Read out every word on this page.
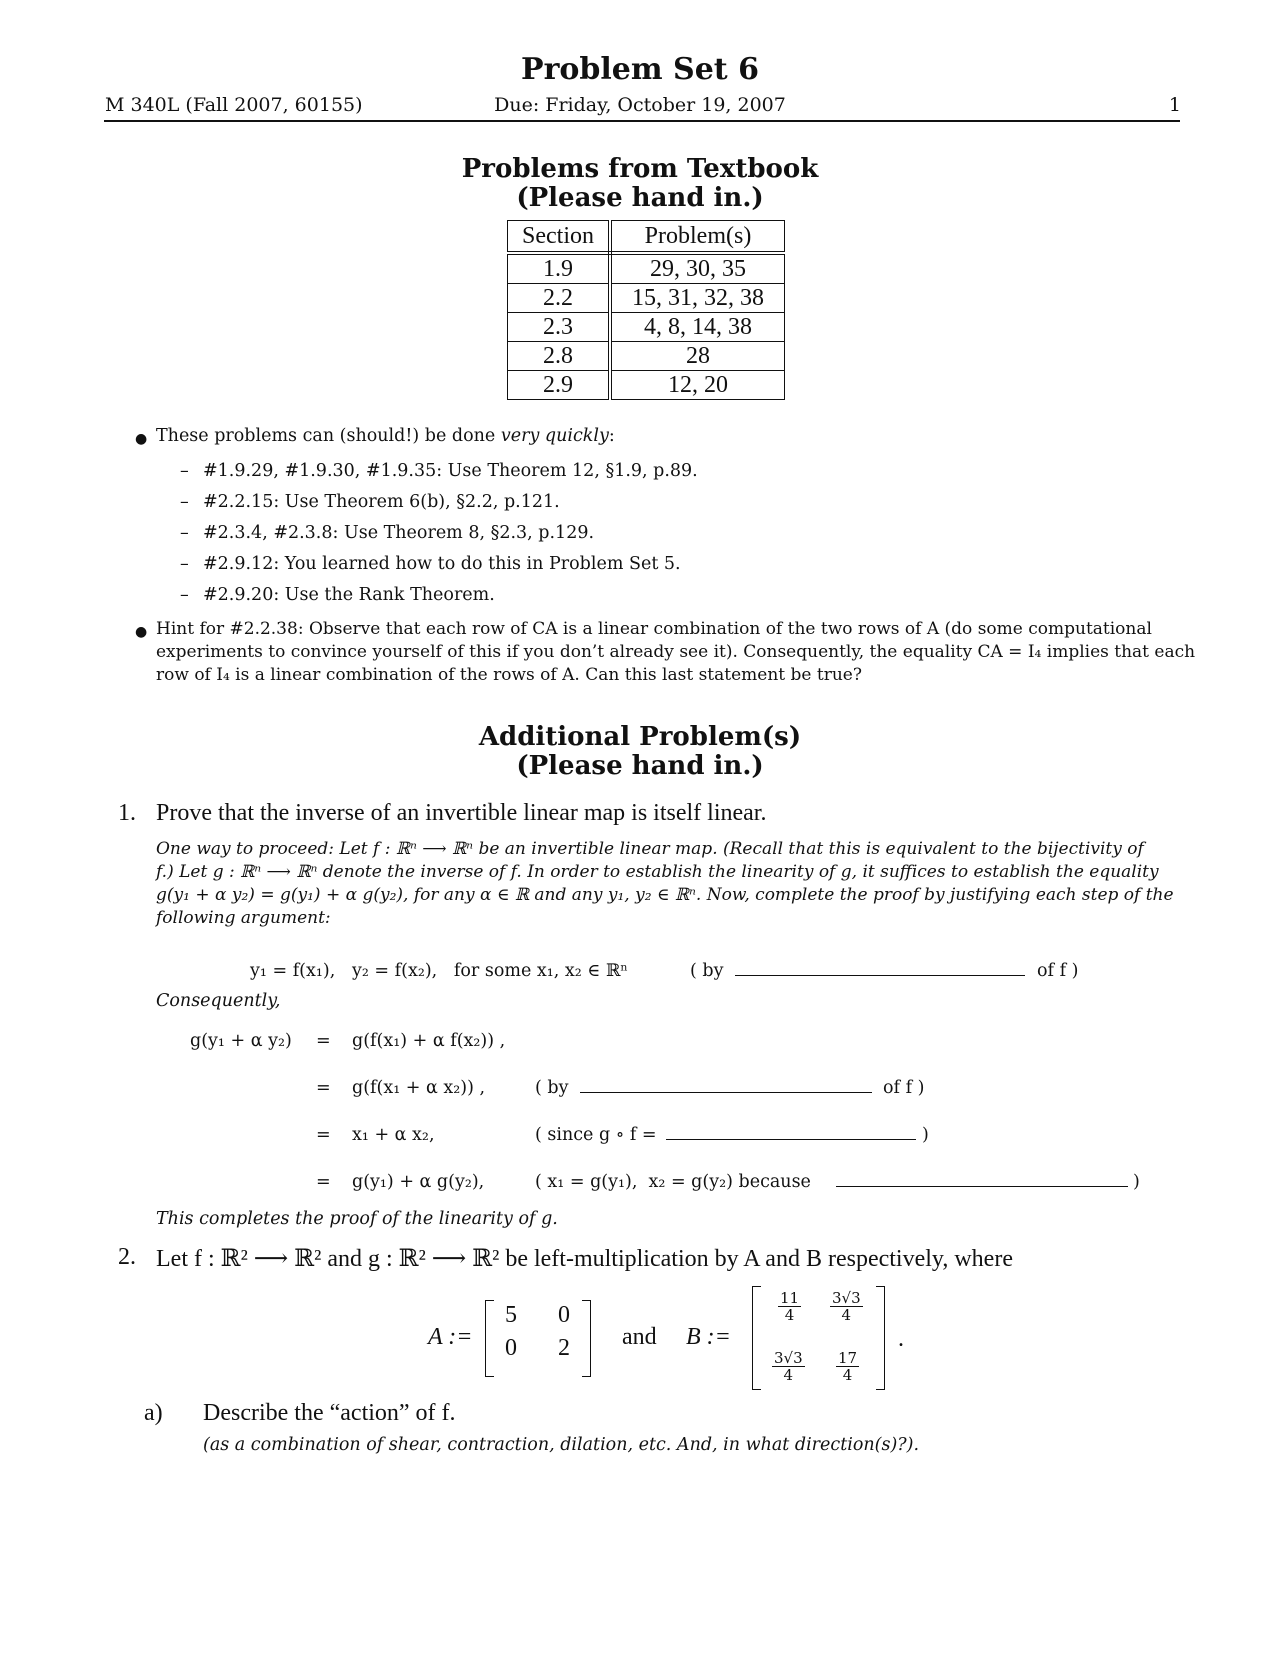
Problem Set 6
M 340L (Fall 2007, 60155)	Due: Friday, October 19, 2007	1
Problems from Textbook
(Please hand in.)
Section	Problem(s)
1.9	29, 30, 35
2.2	15, 31, 32, 38
2.3	4, 8, 14, 38
2.8	28
2.9	12, 20
● These problems can (should!) be done very quickly:
– #1.9.29, #1.9.30, #1.9.35: Use Theorem 12, §1.9, p.89.
– #2.2.15: Use Theorem 6(b), §2.2, p.121.
– #2.3.4, #2.3.8: Use Theorem 8, §2.3, p.129.
– #2.9.12: You learned how to do this in Problem Set 5.
– #2.9.20: Use the Rank Theorem.
● Hint for #2.2.38: Observe that each row of CA is a linear combination of the two rows of A (do some computational
experiments to convince yourself of this if you don’t already see it). Consequently, the equality CA = I₄ implies that each
row of I₄ is a linear combination of the rows of A. Can this last statement be true?
Additional Problem(s)
(Please hand in.)
1. Prove that the inverse of an invertible linear map is itself linear.
One way to proceed: Let f : ℝⁿ ⟶ ℝⁿ be an invertible linear map. (Recall that this is equivalent to the bijectivity of
f.) Let g : ℝⁿ ⟶ ℝⁿ denote the inverse of f. In order to establish the linearity of g, it suffices to establish the equality
g(y₁ + α y₂) = g(y₁) + α g(y₂), for any α ∈ ℝ and any y₁, y₂ ∈ ℝⁿ. Now, complete the proof by justifying each step of the
following argument:
y₁ = f(x₁),   y₂ = f(x₂),   for some x₁, x₂ ∈ ℝⁿ	( by	of f )
Consequently,
g(y₁ + α y₂) = g(f(x₁) + α f(x₂)) ,
= g(f(x₁ + α x₂)) ,	( by	of f )
= x₁ + α x₂,	( since g ∘ f =	)
= g(y₁) + α g(y₂),	( x₁ = g(y₁),  x₂ = g(y₂) because	)
This completes the proof of the linearity of g.
2. Let f : ℝ² ⟶ ℝ² and g : ℝ² ⟶ ℝ² be left-multiplication by A and B respectively, where
A :=
5 0
0 2 and B :=
$\frac{11}{4} \frac{3√3}{4}$
$\frac{3√3}{4} \frac{17}{4}$
.
a) Describe the “action” of f.
(as a combination of shear, contraction, dilation, etc. And, in what direction(s)?).
